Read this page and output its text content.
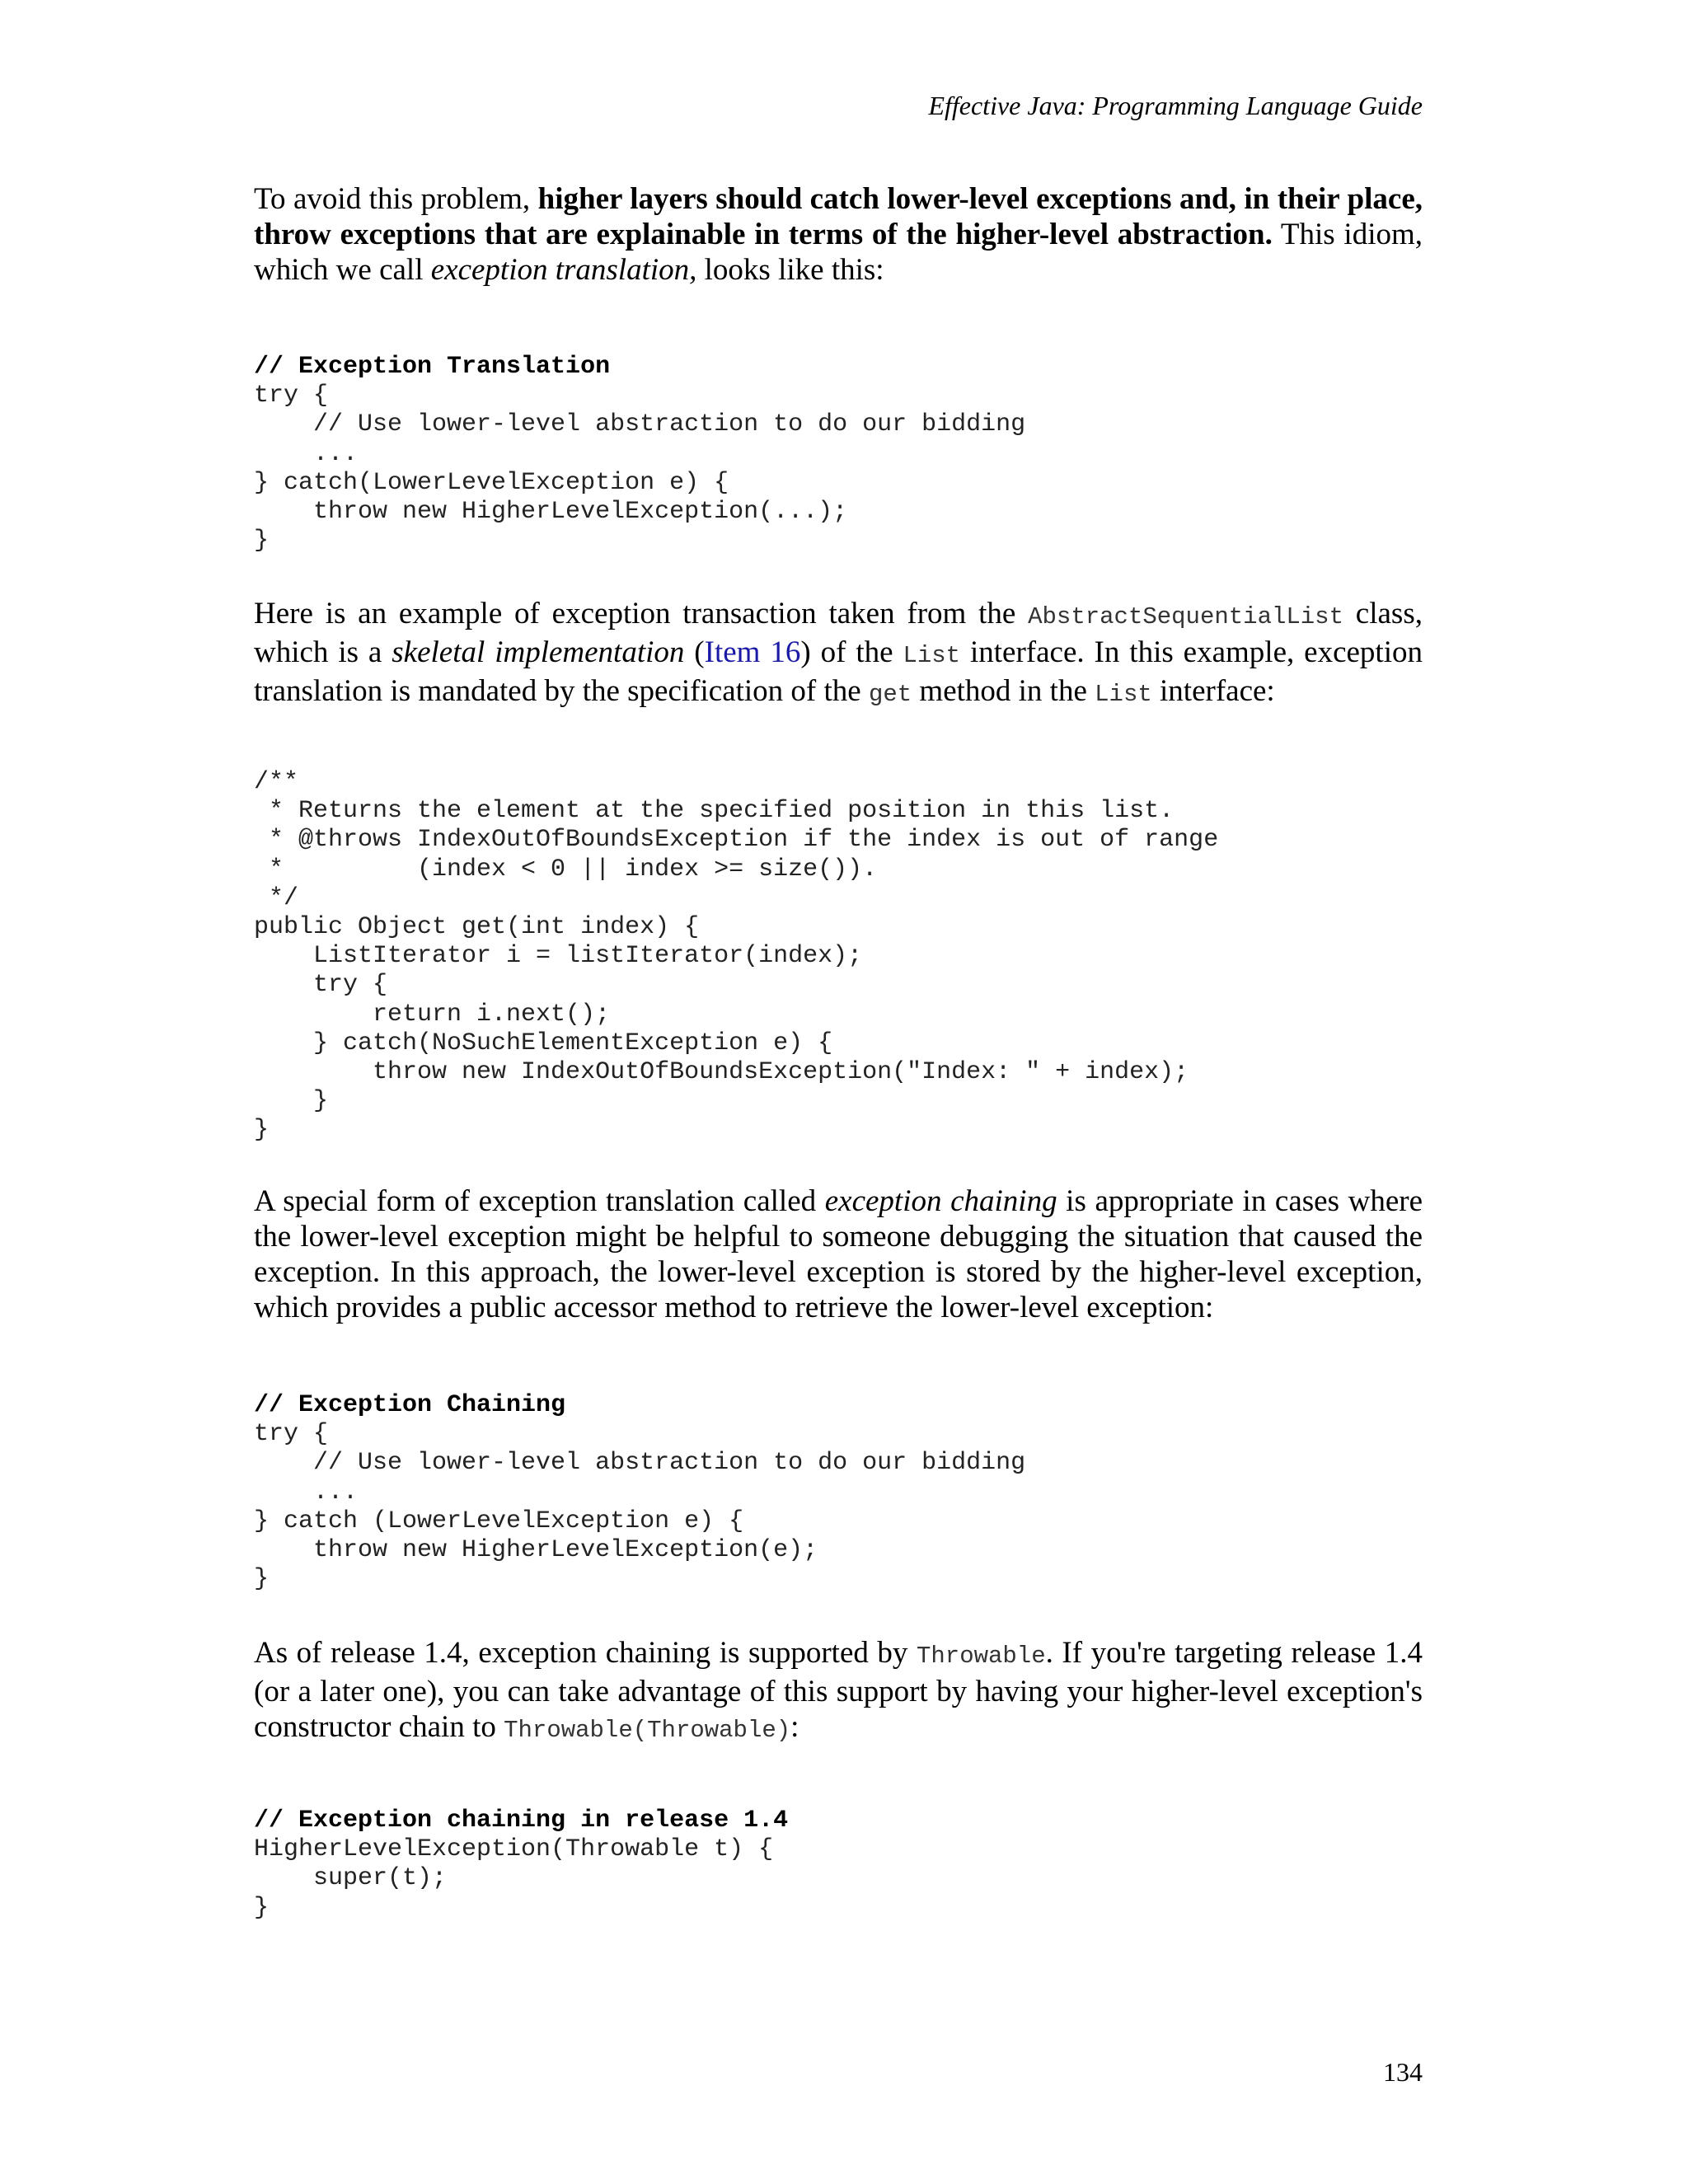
Effective Java: Programming Language Guide

To avoid this problem, higher layers should catch lower-level exceptions and, in their place, throw exceptions that are explainable in terms of the higher-level abstraction. This idiom, which we call exception translation, looks like this:

// Exception Translation
try {
// Use lower-level abstraction to do our bidding
...
} catch(LowerLevelException e) {
throw new HigherLevelException(...);
}

Here is an example of exception transaction taken from the AbstractSequentialList class, which is a skeletal implementation (Item 16) of the List interface. In this example, exception translation is mandated by the specification of the get method in the List interface:

/**
* Returns the element at the specified position in this list.
* @throws IndexOutOfBoundsException if the index is out of range
*         (index < 0 || index >= size()).
*/
public Object get(int index) {
ListIterator i = listIterator(index);
try {
return i.next();
} catch(NoSuchElementException e) {
throw new IndexOutOfBoundsException("Index: " + index);
}
}

A special form of exception translation called exception chaining is appropriate in cases where the lower-level exception might be helpful to someone debugging the situation that caused the exception. In this approach, the lower-level exception is stored by the higher-level exception, which provides a public accessor method to retrieve the lower-level exception:

// Exception Chaining
try {
// Use lower-level abstraction to do our bidding
...
} catch (LowerLevelException e) {
throw new HigherLevelException(e);
}

As of release 1.4, exception chaining is supported by Throwable. If you're targeting release 1.4 (or a later one), you can take advantage of this support by having your higher-level exception's constructor chain to Throwable(Throwable):

// Exception chaining in release 1.4
HigherLevelException(Throwable t) {
super(t);
}
134
